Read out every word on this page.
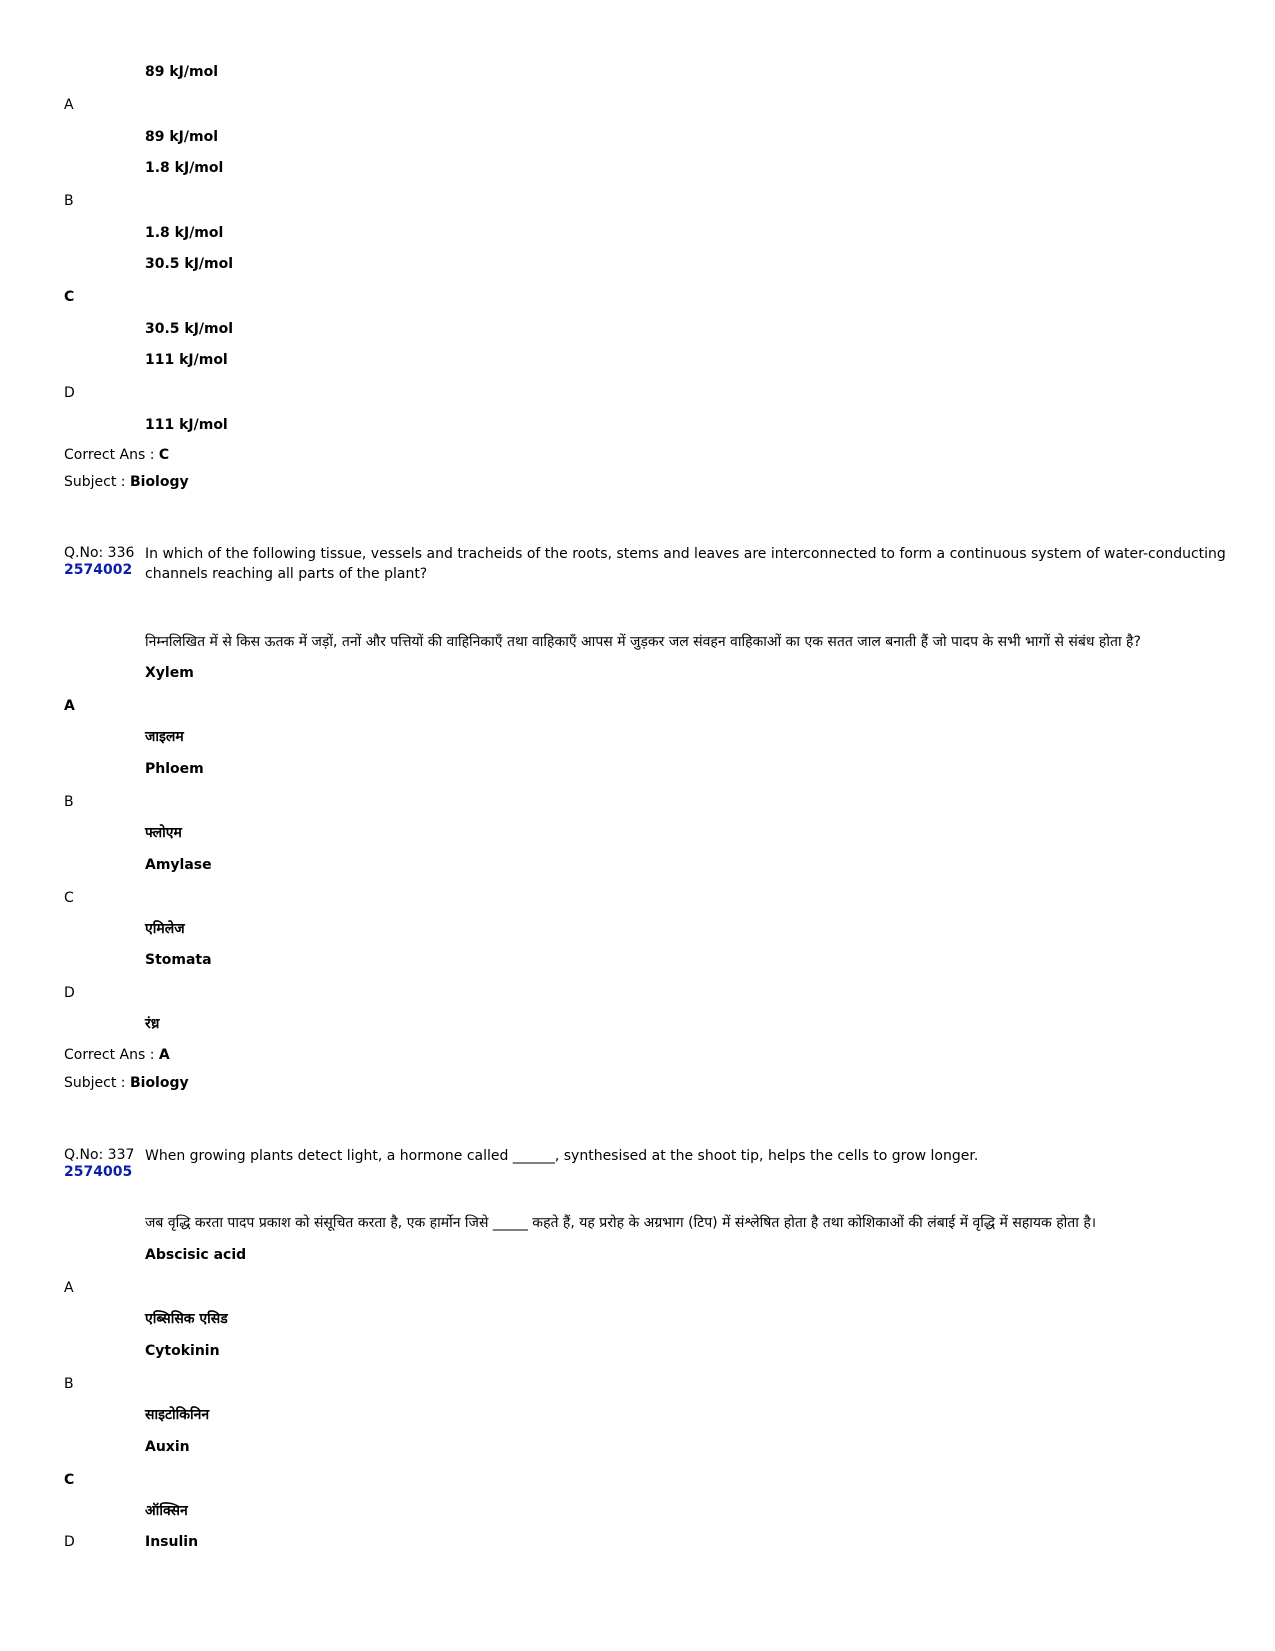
89 kJ/mol
A
89 kJ/mol
1.8 kJ/mol
B
1.8 kJ/mol
30.5 kJ/mol
C
30.5 kJ/mol
111 kJ/mol
D
111 kJ/mol
Correct Ans : C
Subject : Biology
Q.No: 336
2574002
In which of the following tissue, vessels and tracheids of the roots, stems and leaves are interconnected to form a continuous system of water-conducting channels reaching all parts of the plant?
निम्नलिखित में से किस ऊतक में जड़ों, तनों और पत्तियों की वाहिनिकाएँ तथा वाहिकाएँ आपस में जुड़कर जल संवहन वाहिकाओं का एक सतत जाल बनाती हैं जो पादप के सभी भागों से संबंध होता है?
Xylem
A
जाइलम
Phloem
B
फ्लोएम
Amylase
C
एमिलेज
Stomata
D
रंध्र
Correct Ans : A
Subject : Biology
Q.No: 337
2574005
When growing plants detect light, a hormone called ______, synthesised at the shoot tip, helps the cells to grow longer.
जब वृद्धि करता पादप प्रकाश को संसूचित करता है, एक हार्मोन जिसे _____ कहते हैं, यह प्ररोह के अग्रभाग (टिप) में संश्लेषित होता है तथा कोशिकाओं की लंबाई में वृद्धि में सहायक होता है।
Abscisic acid
A
एब्सिसिक एसिड
Cytokinin
B
साइटोकिनिन
Auxin
C
ऑक्सिन
D	Insulin
